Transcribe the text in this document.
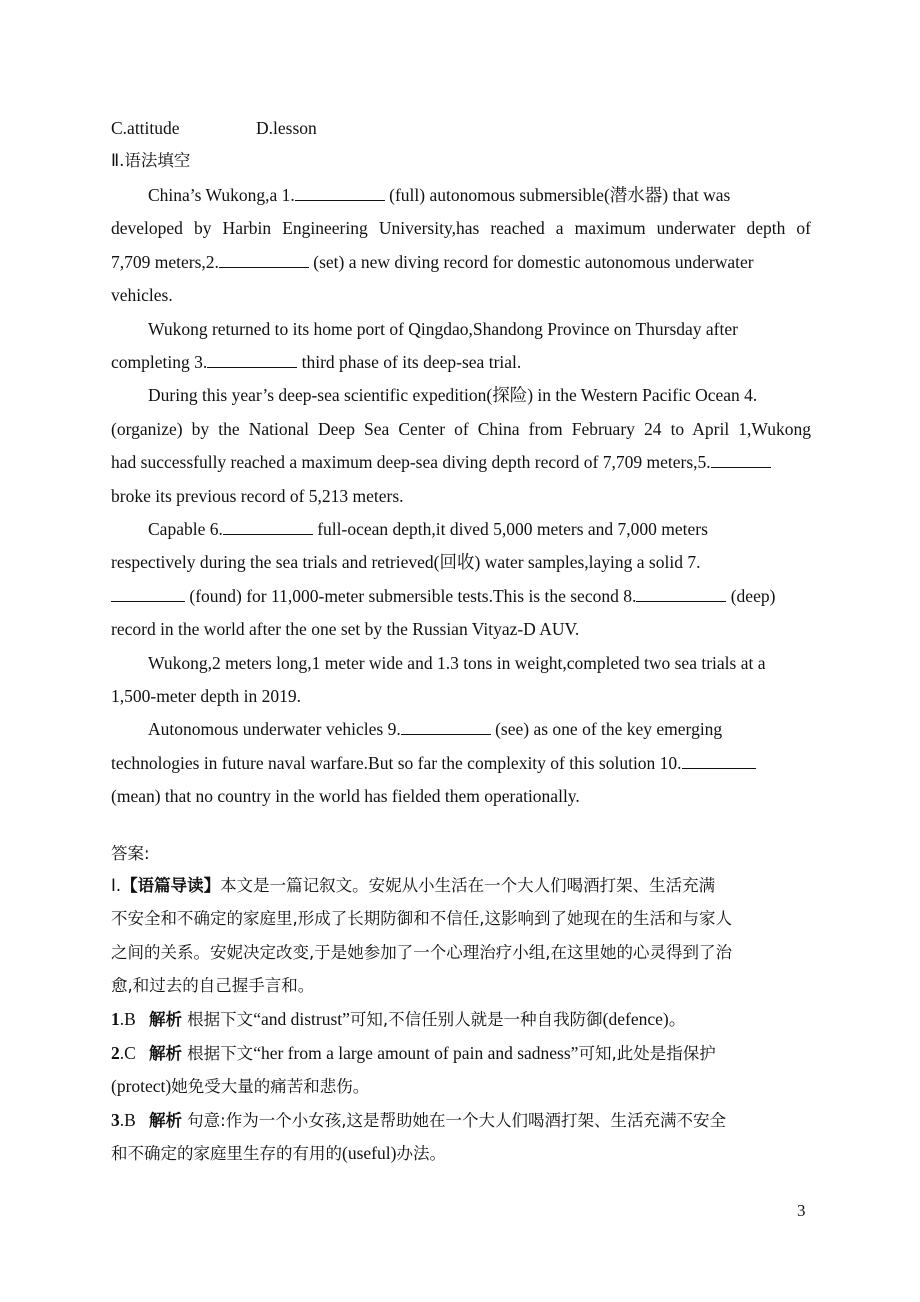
C.attitude	D.lesson
Ⅱ.语法填空
China’s Wukong,a 1.	(full) autonomous submersible(潜水器) that was
developed by Harbin Engineering University,has reached a maximum underwater depth of
7,709 meters,2.	(set) a new diving record for domestic autonomous underwater
vehicles.
Wukong returned to its home port of Qingdao,Shandong Province on Thursday after
completing 3.	third phase of its deep-sea trial.
During this year’s deep-sea scientific expedition(探险) in the Western Pacific Ocean 4.
(organize) by the National Deep Sea Center of China from February 24 to April 1,Wukong
had successfully reached a maximum deep-sea diving depth record of 7,709 meters,5.
broke its previous record of 5,213 meters.
Capable 6.	full-ocean depth,it dived 5,000 meters and 7,000 meters
respectively during the sea trials and retrieved(回收) water samples,laying a solid 7.
(found) for 11,000-meter submersible tests.This is the second 8.	(deep)
record in the world after the one set by the Russian Vityaz-D AUV.
Wukong,2 meters long,1 meter wide and 1.3 tons in weight,completed two sea trials at a
1,500-meter depth in 2019.
Autonomous underwater vehicles 9.	(see) as one of the key emerging
technologies in future naval warfare.But so far the complexity of this solution 10.
(mean) that no country in the world has fielded them operationally.
答案:
Ⅰ.【语篇导读】本文是一篇记叙文。安妮从小生活在一个大人们喝酒打架、生活充满
不安全和不确定的家庭里,形成了长期防御和不信任,这影响到了她现在的生活和与家人
之间的关系。安妮决定改变,于是她参加了一个心理治疗小组,在这里她的心灵得到了治
愈,和过去的自己握手言和。
1.B 解析 根据下文“and distrust”可知,不信任别人就是一种自我防御(defence)。
2.C 解析 根据下文“her from a large amount of pain and sadness”可知,此处是指保护
(protect)她免受大量的痛苦和悲伤。
3.B 解析 句意:作为一个小女孩,这是帮助她在一个大人们喝酒打架、生活充满不安全
和不确定的家庭里生存的有用的(useful)办法。
3
